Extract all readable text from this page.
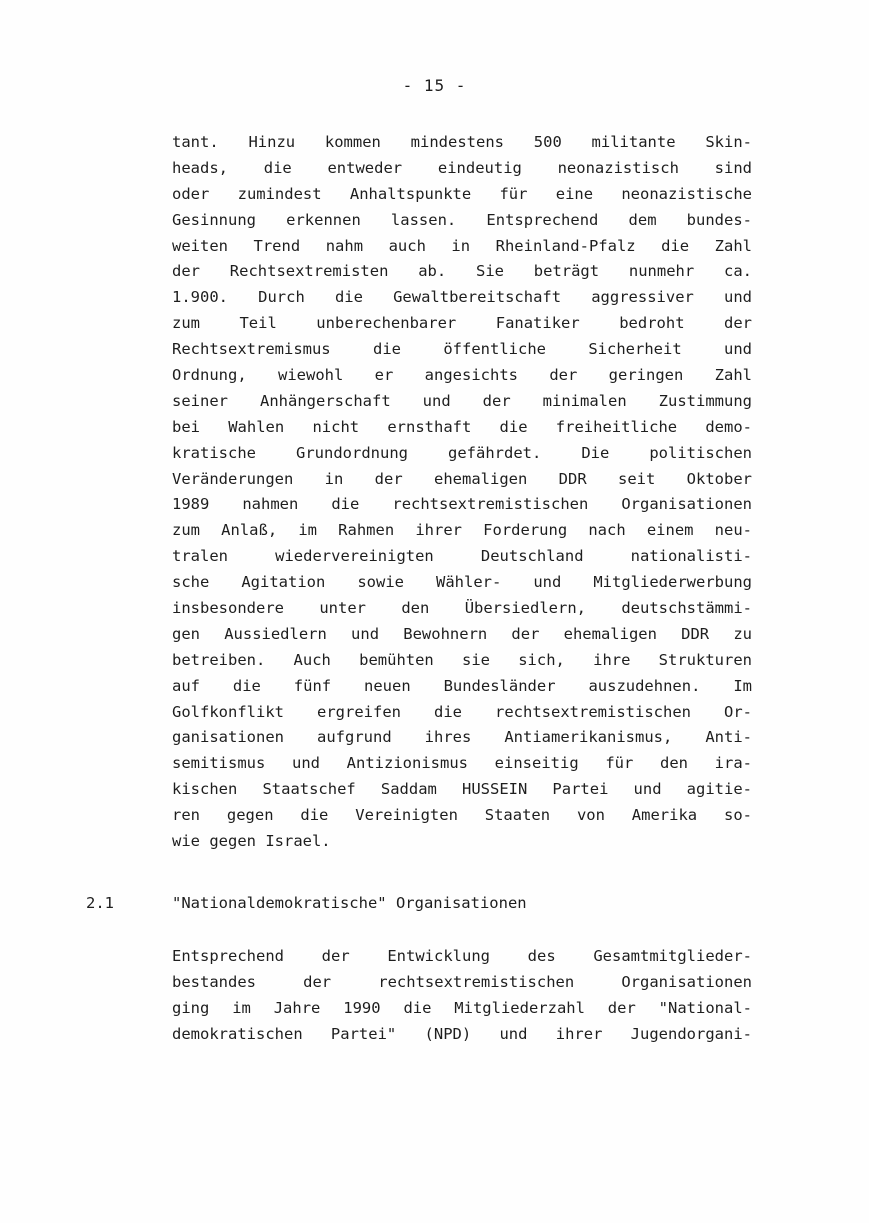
- 15 -
tant. Hinzu kommen mindestens 500 militante Skin-
heads, die entweder eindeutig neonazistisch sind
oder zumindest Anhaltspunkte für eine neonazistische
Gesinnung erkennen lassen. Entsprechend dem bundes-
weiten Trend nahm auch in Rheinland-Pfalz die Zahl
der Rechtsextremisten ab. Sie beträgt nunmehr ca.
1.900. Durch die Gewaltbereitschaft aggressiver und
zum Teil unberechenbarer Fanatiker bedroht der
Rechtsextremismus die öffentliche Sicherheit und
Ordnung, wiewohl er angesichts der geringen Zahl
seiner Anhängerschaft und der minimalen Zustimmung
bei Wahlen nicht ernsthaft die freiheitliche demo-
kratische Grundordnung gefährdet. Die politischen
Veränderungen in der ehemaligen DDR seit Oktober
1989 nahmen die rechtsextremistischen Organisationen
zum Anlaß, im Rahmen ihrer Forderung nach einem neu-
tralen wiedervereinigten Deutschland nationalisti-
sche Agitation sowie Wähler- und Mitgliederwerbung
insbesondere unter den Übersiedlern, deutschstämmi-
gen Aussiedlern und Bewohnern der ehemaligen DDR zu
betreiben. Auch bemühten sie sich, ihre Strukturen
auf die fünf neuen Bundesländer auszudehnen. Im
Golfkonflikt ergreifen die rechtsextremistischen Or-
ganisationen aufgrund ihres Antiamerikanismus, Anti-
semitismus und Antizionismus einseitig für den ira-
kischen Staatschef Saddam HUSSEIN Partei und agitie-
ren gegen die Vereinigten Staaten von Amerika so-
wie gegen Israel.
2.1	"Nationaldemokratische" Organisationen
Entsprechend der Entwicklung des Gesamtmitglieder-
bestandes der rechtsextremistischen Organisationen
ging im Jahre 1990 die Mitgliederzahl der "National-
demokratischen Partei" (NPD) und ihrer Jugendorgani-
